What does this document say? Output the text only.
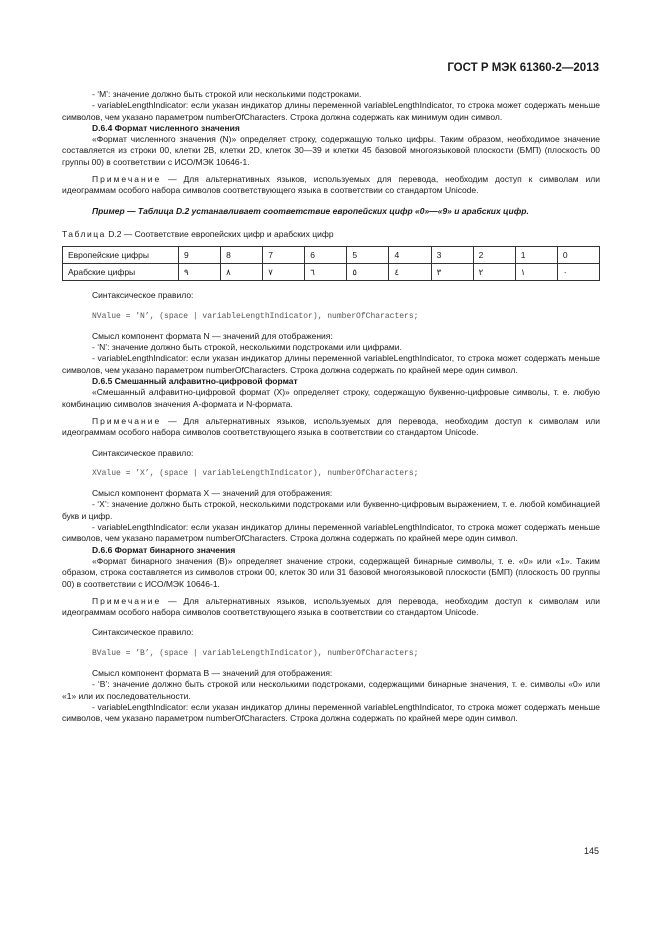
ГОСТ Р МЭК 61360-2—2013

- ‘M’: значение должно быть строкой или несколькими подстроками.

- variableLengthIndicator: если указан индикатор длины переменной variableLengthIndicator, то строка может содержать меньше символов, чем указано параметром numberOfCharacters. Строка должна содержать как минимум один символ.

D.6.4 Формат численного значения

«Формат численного значения (N)» определяет строку, содержащую только цифры. Таким образом, необходимое значение составляется из строки 00, клетки 2B, клетки 2D, клеток 30—39 и клетки 45 базовой многоязыковой плоскости (БМП) (плоскость 00 группы 00) в соответствии с ИСО/МЭК 10646-1.

Примечание — Для альтернативных языков, используемых для перевода, необходим доступ к символам или идеограммам особого набора символов соответствующего языка в соответствии со стандартом Unicode.

Пример — Таблица D.2 устанавливает соответствие европейских цифр «0»—«9» и арабских цифр.

Таблица D.2 — Соответствие европейских цифр и арабских цифр

Европейские цифры	9	8	7	6	5	4	3	2	1	0
Арабские цифры	٩	٨	٧	٦	٥	٤	٣	٢	١	٠

Синтаксическое правило:

NValue = ’N’, (space | variableLengthIndicator), numberOfCharacters;

Смысл компонент формата N — значений для отображения:

- ‘N’: значение должно быть строкой, несколькими подстроками или цифрами.

- variableLengthIndicator: если указан индикатор длины переменной variableLengthIndicator, то строка может содержать меньше символов, чем указано параметром numberOfCharacters. Строка должна содержать по крайней мере один символ.

D.6.5 Смешанный алфавитно-цифровой формат

«Смешанный алфавитно-цифровой формат (X)» определяет строку, содержащую буквенно-цифровые символы, т. е. любую комбинацию символов значения A-формата и N-формата.

Примечание — Для альтернативных языков, используемых для перевода, необходим доступ к символам или идеограммам особого набора символов соответствующего языка в соответствии со стандартом Unicode.

Синтаксическое правило:

XValue = ’X’, (space | variableLengthIndicator), numberOfCharacters;

Смысл компонент формата X — значений для отображения:

- ‘X’: значение должно быть строкой, несколькими подстроками или буквенно-цифровым выражением, т. е. любой комбинацией букв и цифр.

- variableLengthIndicator: если указан индикатор длины переменной variableLengthIndicator, то строка может содержать меньше символов, чем указано параметром numberOfCharacters. Строка должна содержать по крайней мере один символ.

D.6.6 Формат бинарного значения

«Формат бинарного значения (B)» определяет значение строки, содержащей бинарные символы, т. е. «0» или «1». Таким образом, строка составляется из символов строки 00, клеток 30 или 31 базовой многоязыковой плоскости (БМП) (плоскость 00 группы 00) в соответствии с ИСО/МЭК 10646-1.

Примечание — Для альтернативных языков, используемых для перевода, необходим доступ к символам или идеограммам особого набора символов соответствующего языка в соответствии со стандартом Unicode.

Синтаксическое правило:

BValue = ’B’, (space | variableLengthIndicator), numberOfCharacters;

Смысл компонент формата B — значений для отображения:

- ‘B’: значение должно быть строкой или несколькими подстроками, содержащими бинарные значения, т. е. символы «0» или «1» или их последовательности.

- variableLengthIndicator: если указан индикатор длины переменной variableLengthIndicator, то строка может содержать меньше символов, чем указано параметром numberOfCharacters. Строка должна содержать по крайней мере один символ.

145
